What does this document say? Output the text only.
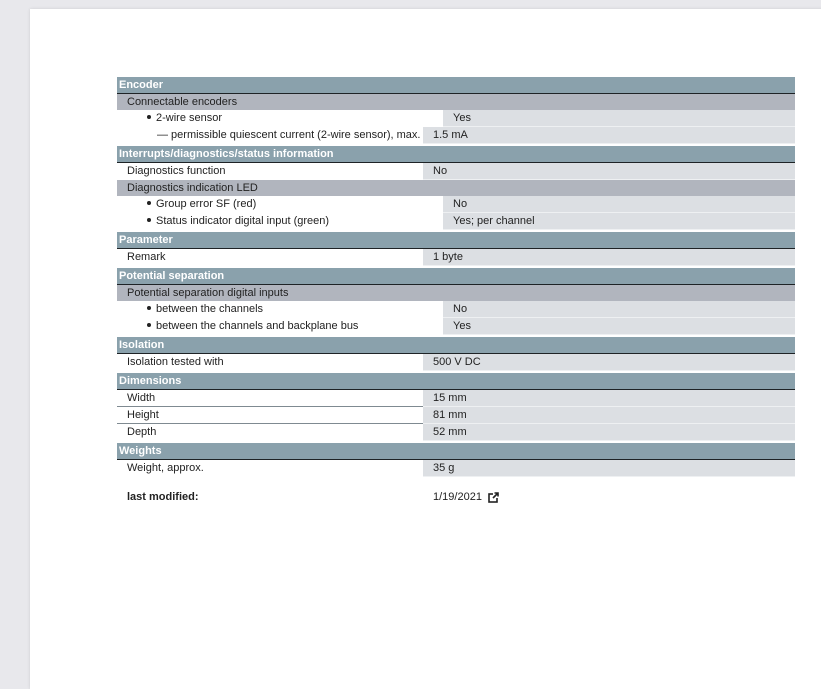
Encoder
Connectable encoders
2-wire sensor	Yes
— permissible quiescent current (2-wire sensor), max.	1.5 mA
Interrupts/diagnostics/status information
Diagnostics function	No
Diagnostics indication LED
Group error SF (red)	No
Status indicator digital input (green)	Yes; per channel
Parameter
Remark	1 byte
Potential separation
Potential separation digital inputs
between the channels	No
between the channels and backplane bus	Yes
Isolation
Isolation tested with	500 V DC
Dimensions
Width	15 mm
Height	81 mm
Depth	52 mm
Weights
Weight, approx.	35 g
last modified:	1/19/2021
